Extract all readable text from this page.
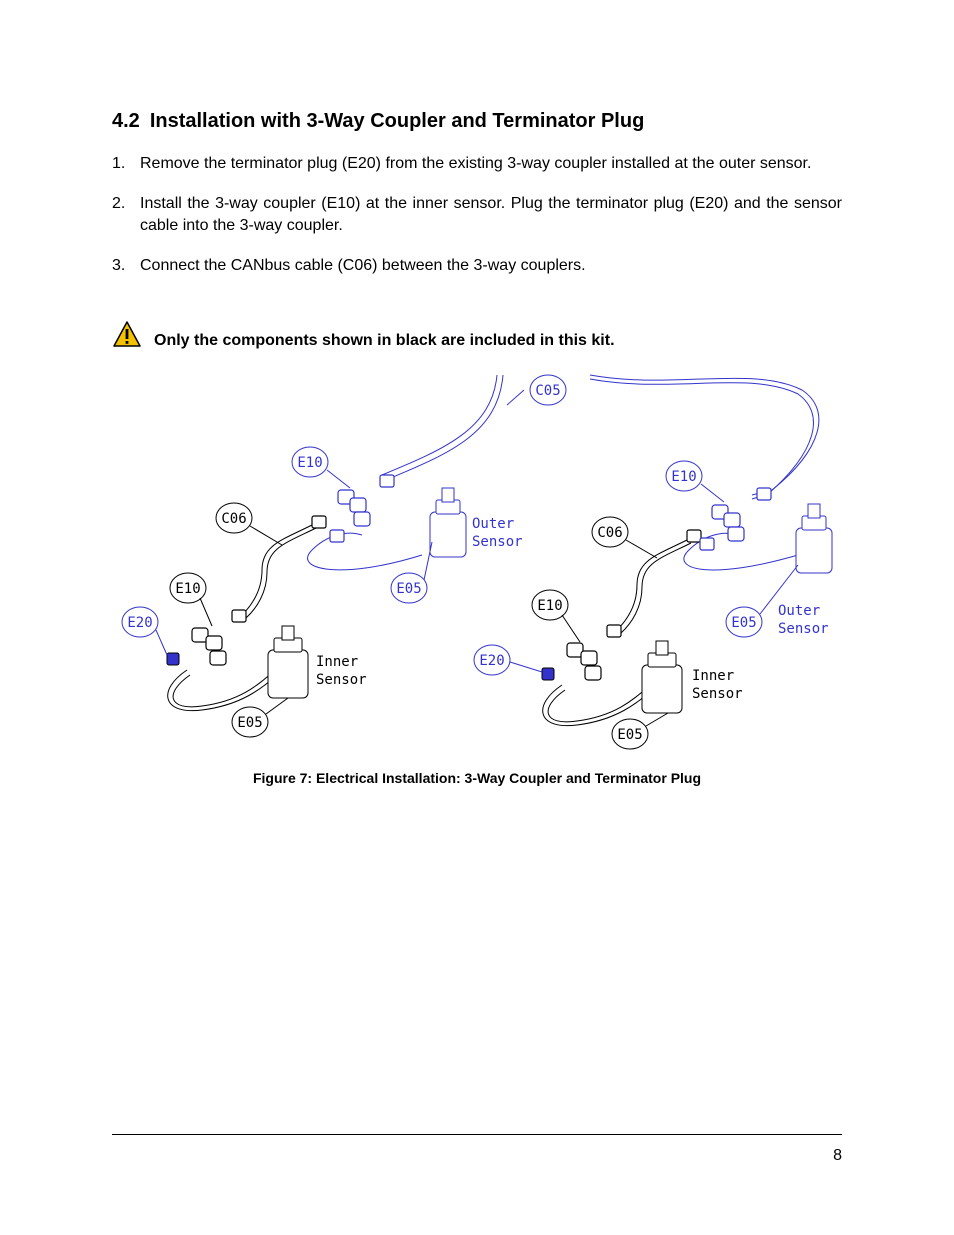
4.2 Installation with 3-Way Coupler and Terminator Plug
1. Remove the terminator plug (E20) from the existing 3-way coupler installed at the outer sensor.
2. Install the 3-way coupler (E10) at the inner sensor. Plug the terminator plug (E20) and the sensor cable into the 3-way coupler.
3. Connect the CANbus cable (C06) between the 3-way couplers.
Only the components shown in black are included in this kit.
C05
E10
E10
E20
E20
E05
E05
C06
C06
E10
E10
E05
E05
Outer
Sensor
Inner
Sensor
Outer
Sensor
Inner
Sensor
Figure 7: Electrical Installation: 3-Way Coupler and Terminator Plug
8
